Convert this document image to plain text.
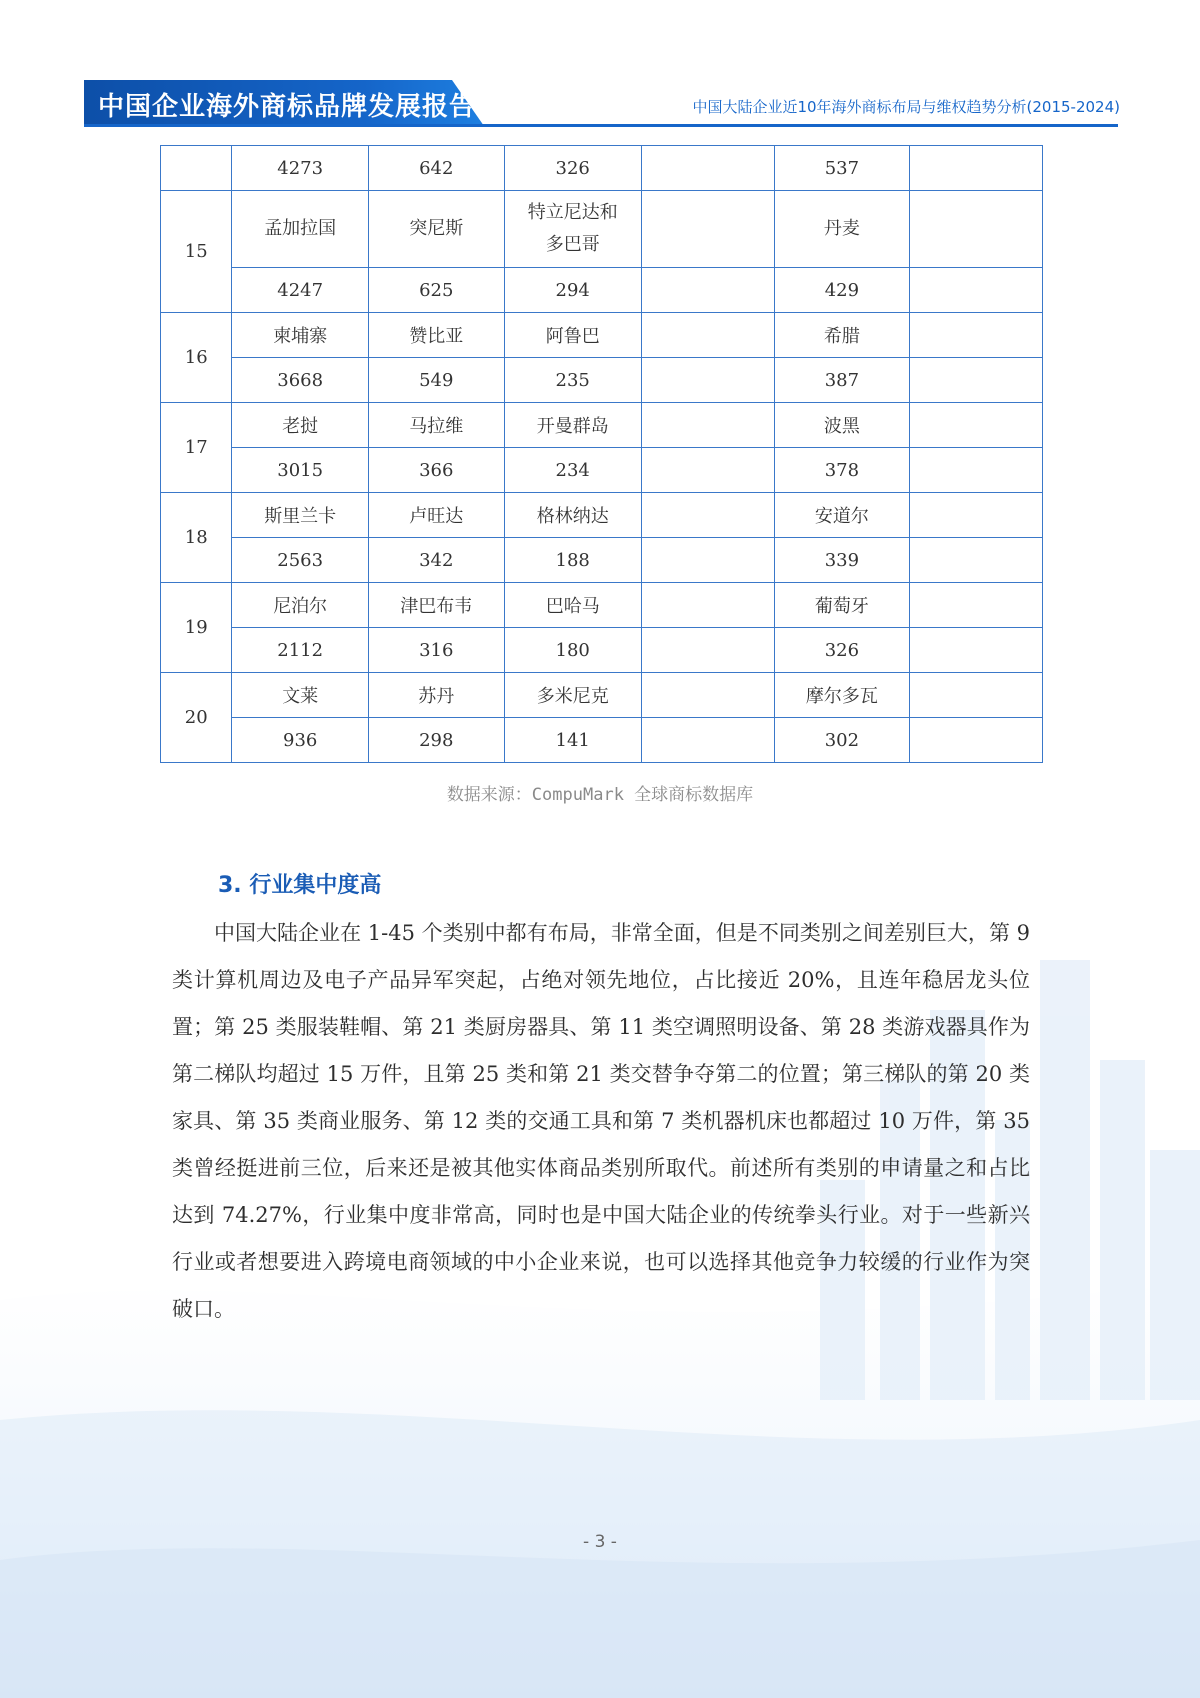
中国企业海外商标品牌发展报告	中国大陆企业近10年海外商标布局与维权趋势分析(2015-2024)
	4273	642	326		537	
15	孟加拉国	突尼斯	特立尼达和多巴哥		丹麦	
	4247	625	294		429	
16	柬埔寨	赞比亚	阿鲁巴		希腊	
	3668	549	235		387	
17	老挝	马拉维	开曼群岛		波黑	
	3015	366	234		378	
18	斯里兰卡	卢旺达	格林纳达		安道尔	
	2563	342	188		339	
19	尼泊尔	津巴布韦	巴哈马		葡萄牙	
	2112	316	180		326	
20	文莱	苏丹	多米尼克		摩尔多瓦	
	936	298	141		302	
数据来源：CompuMark 全球商标数据库
3. 行业集中度高

中国大陆企业在 1-45 个类别中都有布局，非常全面，但是不同类别之间差别巨大，第 9 类计算机周边及电子产品异军突起，占绝对领先地位，占比接近 20%，且连年稳居龙头位置；第 25 类服装鞋帽、第 21 类厨房器具、第 11 类空调照明设备、第 28 类游戏器具作为第二梯队均超过 15 万件，且第 25 类和第 21 类交替争夺第二的位置；第三梯队的第 20 类家具、第 35 类商业服务、第 12 类的交通工具和第 7 类机器机床也都超过 10 万件，第 35 类曾经挺进前三位，后来还是被其他实体商品类别所取代。前述所有类别的申请量之和占比达到 74.27%，行业集中度非常高，同时也是中国大陆企业的传统拳头行业。对于一些新兴行业或者想要进入跨境电商领域的中小企业来说，也可以选择其他竞争力较缓的行业作为突破口。

- 3 -
